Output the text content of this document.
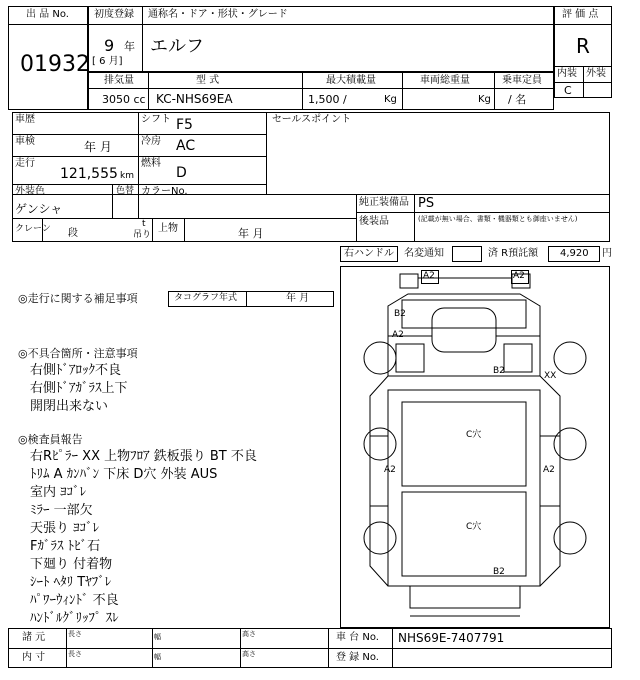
出 品 No.
01932
初度登録 通称名・ドア・形状・グレード
9 年
[ 6 月]
エルフ
評 価 点
R
内装 外装
C
排気量	型 式	最大積載量	車両総重量	乗車定員
3050 cc KC-NHS69EA	1,500 /	Kg	Kg / 名
車歴	シフト F5
車検	年 月	冷房 AC
走行
121,555 km
燃料
D
セールスポイント
外装色
ゲンシャ
色替 カラーNo.
純正装備品 PS
後装品	(記載が無い場合、書類・機器類とも御座いません)
クレーン 段
t
吊り
上物	年 月
右ハンドル 名変通知	済 R預託額 4,920 円
◎走行に関する補足事項	タコグラフ年式	年 月
◎不具合箇所・注意事項
右側ﾄﾞｱﾛｯｸ不良
右側ﾄﾞｱｶﾞﾗｽ上下
開閉出来ない
◎検査員報告
右Rﾋﾟﾗｰ XX 上物ﾌﾛｱ 鉄板張り BT 不良
ﾄﾘﾑ A ｶﾝﾊﾞﾝ 下床 D穴 外装 AUS
室内 ﾖｺﾞﾚ
ﾐﾗｰ 一部欠
天張り ﾖｺﾞﾚ
Fｶﾞﾗｽ ﾄﾋﾞ石
下廻り 付着物
ｼｰﾄ ﾍﾀﾘ Tﾔﾌﾞﾚ
ﾊﾟﾜｰｳｨﾝﾄﾞ 不良
ﾊﾝﾄﾞﾙｸﾞﾘｯﾌﾟ ｽﾚ
A2	A2
B2
A2
B2	XX
C穴
A2	A2
C穴
B2
諸 元
内 寸
長さ	幅	高さ
長さ	幅	高さ
車 台 No. NHS69E-7407791
登 録 No.
